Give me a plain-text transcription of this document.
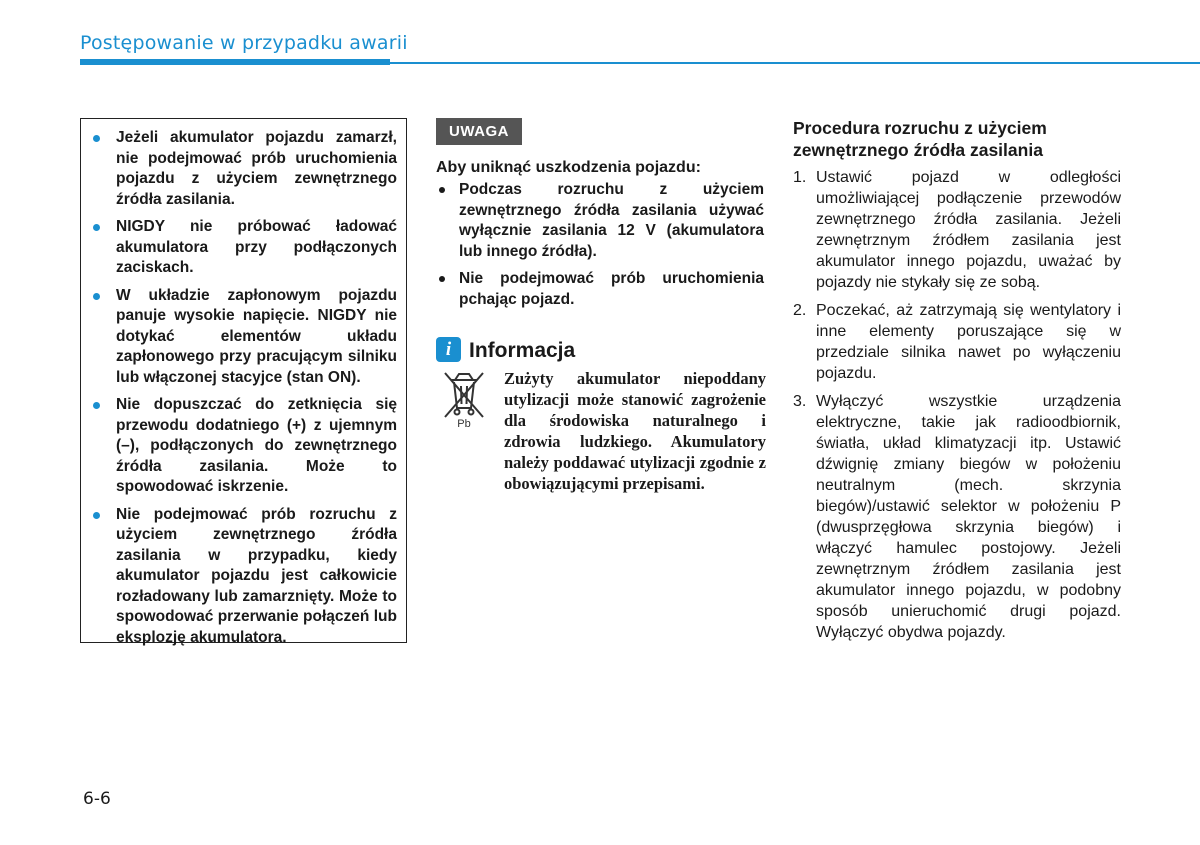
Postępowanie w przypadku awarii
Jeżeli akumulator pojazdu zamarzł, nie podejmować prób uruchomienia pojazdu z użyciem zewnętrznego źródła zasilania.
NIGDY nie próbować ładować akumulatora przy podłączonych zaciskach.
W układzie zapłonowym pojazdu panuje wysokie napięcie. NIGDY nie dotykać elementów układu zapłonowego przy pracującym silniku lub włączonej stacyjce (stan ON).
Nie dopuszczać do zetknięcia się przewodu dodatniego (+) z ujemnym (–), podłączonych do zewnętrznego źródła zasilania. Może to spowodować iskrzenie.
Nie podejmować prób rozruchu z użyciem zewnętrznego źródła zasilania w przypadku, kiedy akumulator pojazdu jest całkowicie rozładowany lub zamarznięty. Może to spowodować przerwanie połączeń lub eksplozję akumulatora.
UWAGA
Aby uniknąć uszkodzenia pojazdu:
Podczas rozruchu z użyciem zewnętrznego źródła zasilania używać wyłącznie zasilania 12 V (akumulatora lub innego źródła).
Nie podejmować prób uruchomienia pchając pojazd.
i Informacja
Pb
Zużyty akumulator niepoddany utylizacji może stanowić zagrożenie dla środowiska naturalnego i zdrowia ludzkiego. Akumulatory należy poddawać utylizacji zgodnie z obowiązującymi przepisami.
Procedura rozruchu z użyciem zewnętrznego źródła zasilania
1. Ustawić pojazd w odległości umożliwiającej podłączenie przewodów zewnętrznego źródła zasilania. Jeżeli zewnętrznym źródłem zasilania jest akumulator innego pojazdu, uważać by pojazdy nie stykały się ze sobą.
2. Poczekać, aż zatrzymają się wentylatory i inne elementy poruszające się w przedziale silnika nawet po wyłączeniu pojazdu.
3. Wyłączyć wszystkie urządzenia elektryczne, takie jak radioodbiornik, światła, układ klimatyzacji itp. Ustawić dźwignię zmiany biegów w położeniu neutralnym (mech. skrzynia biegów)/ustawić selektor w położeniu P (dwusprzęgłowa skrzynia biegów) i włączyć hamulec postojowy. Jeżeli zewnętrznym źródłem zasilania jest akumulator innego pojazdu, w podobny sposób unieruchomić drugi pojazd. Wyłączyć obydwa pojazdy.
6-6
